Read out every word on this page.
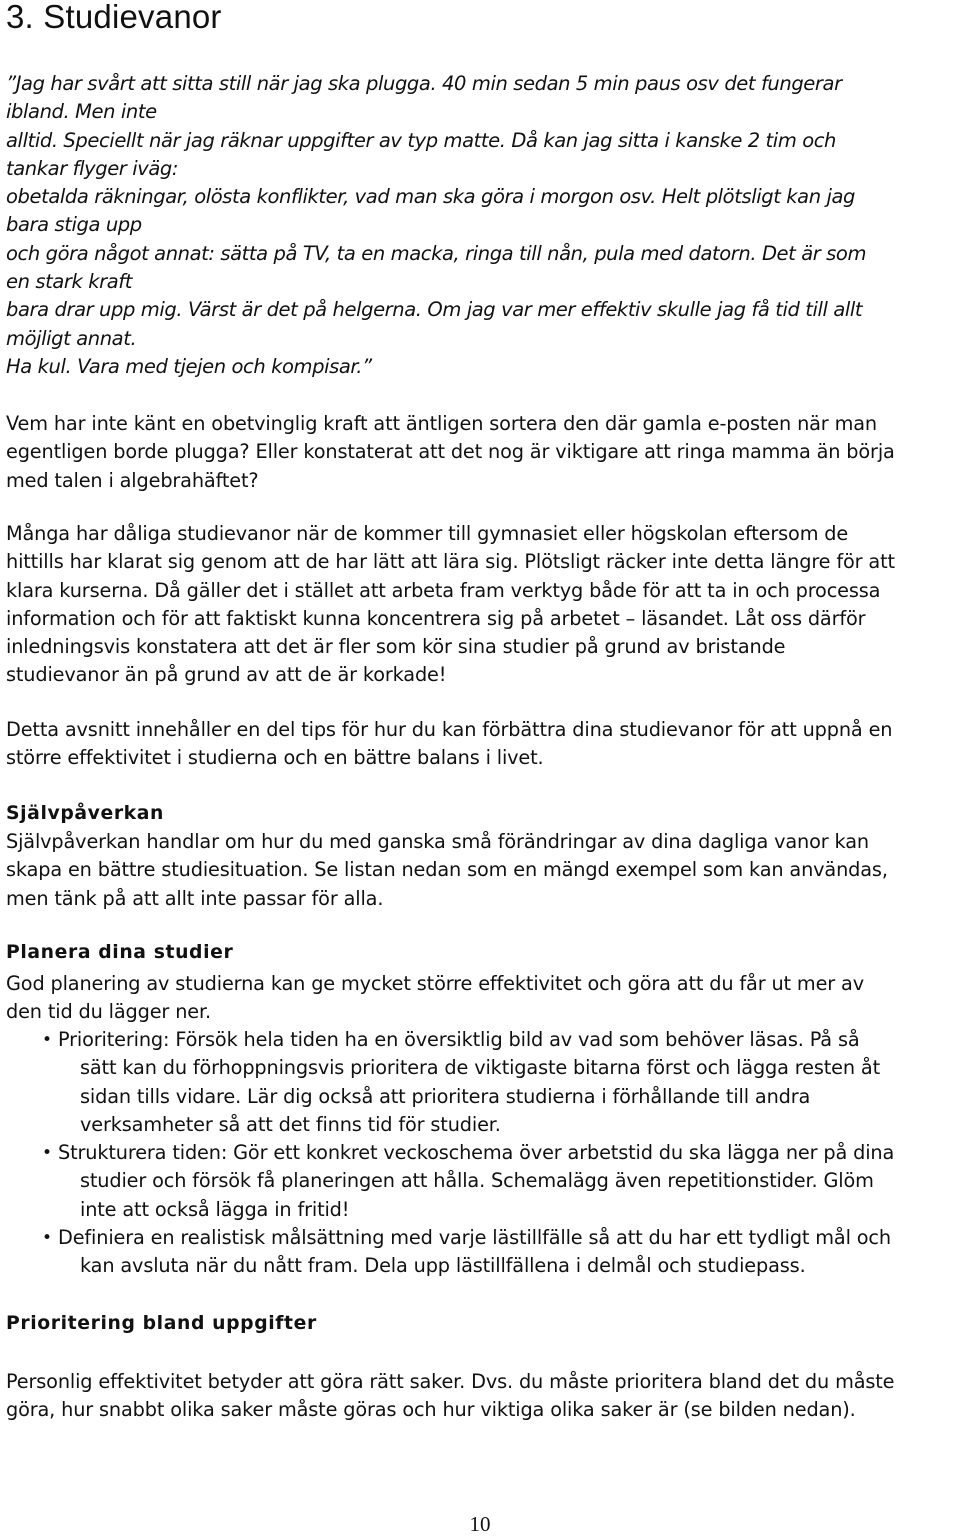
3. Studievanor
”Jag har svårt att sitta still när jag ska plugga. 40 min sedan 5 min paus osv det fungerar
ibland. Men inte
alltid. Speciellt när jag räknar uppgifter av typ matte. Då kan jag sitta i kanske 2 tim och
tankar flyger iväg:
obetalda räkningar, olösta konflikter, vad man ska göra i morgon osv. Helt plötsligt kan jag
bara stiga upp
och göra något annat: sätta på TV, ta en macka, ringa till nån, pula med datorn. Det är som
en stark kraft
bara drar upp mig. Värst är det på helgerna. Om jag var mer effektiv skulle jag få tid till allt
möjligt annat.
Ha kul. Vara med tjejen och kompisar.”
Vem har inte känt en obetvinglig kraft att äntligen sortera den där gamla e-posten när man
egentligen borde plugga? Eller konstaterat att det nog är viktigare att ringa mamma än börja
med talen i algebrahäftet?
Många har dåliga studievanor när de kommer till gymnasiet eller högskolan eftersom de
hittills har klarat sig genom att de har lätt att lära sig. Plötsligt räcker inte detta längre för att
klara kurserna. Då gäller det i stället att arbeta fram verktyg både för att ta in och processa
information och för att faktiskt kunna koncentrera sig på arbetet – läsandet. Låt oss därför
inledningsvis konstatera att det är fler som kör sina studier på grund av bristande
studievanor än på grund av att de är korkade!
Detta avsnitt innehåller en del tips för hur du kan förbättra dina studievanor för att uppnå en
större effektivitet i studierna och en bättre balans i livet.
Självpåverkan
Självpåverkan handlar om hur du med ganska små förändringar av dina dagliga vanor kan
skapa en bättre studiesituation. Se listan nedan som en mängd exempel som kan användas,
men tänk på att allt inte passar för alla.
Planera dina studier
God planering av studierna kan ge mycket större effektivitet och göra att du får ut mer av
den tid du lägger ner.
• Prioritering: Försök hela tiden ha en översiktlig bild av vad som behöver läsas. På så
sätt kan du förhoppningsvis prioritera de viktigaste bitarna först och lägga resten åt
sidan tills vidare. Lär dig också att prioritera studierna i förhållande till andra
verksamheter så att det finns tid för studier.
• Strukturera tiden: Gör ett konkret veckoschema över arbetstid du ska lägga ner på dina
studier och försök få planeringen att hålla. Schemalägg även repetitionstider. Glöm
inte att också lägga in fritid!
• Definiera en realistisk målsättning med varje lästillfälle så att du har ett tydligt mål och
kan avsluta när du nått fram. Dela upp lästillfällena i delmål och studiepass.
Prioritering bland uppgifter
Personlig effektivitet betyder att göra rätt saker. Dvs. du måste prioritera bland det du måste
göra, hur snabbt olika saker måste göras och hur viktiga olika saker är (se bilden nedan).
10
